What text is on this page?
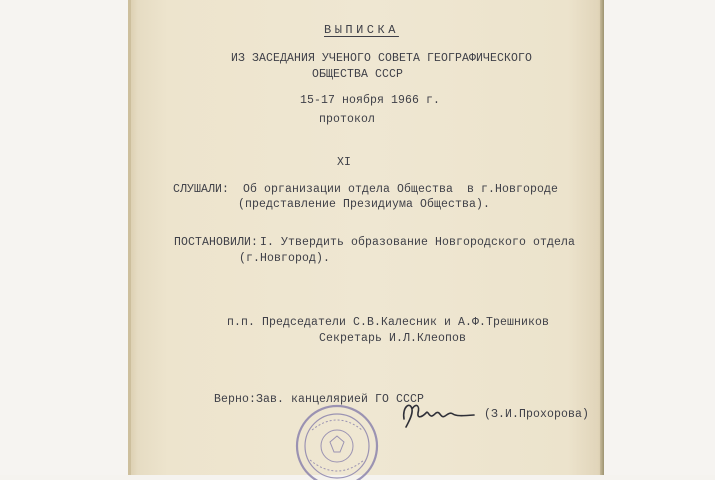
ВЫПИСКА

ИЗ ЗАСЕДАНИЯ УЧЕНОГО СОВЕТА ГЕОГРАФИЧЕСКОГО

ОБЩЕСТВА СССР

15-17 ноября 1966 г.

протокол

XI

СЛУШАЛИ: Об организации отдела Общества  в г.Новгороде

(представление Президиума Общества).

ПОСТАНОВИЛИ: I. Утвердить образование Новгородского отдела

(г.Новгород).

п.п. Председатели С.В.Калесник и А.Ф.Трешников

Секретарь И.Л.Клеопов

Верно:Зав. канцелярией ГО СССР

(З.И.Прохорова)
